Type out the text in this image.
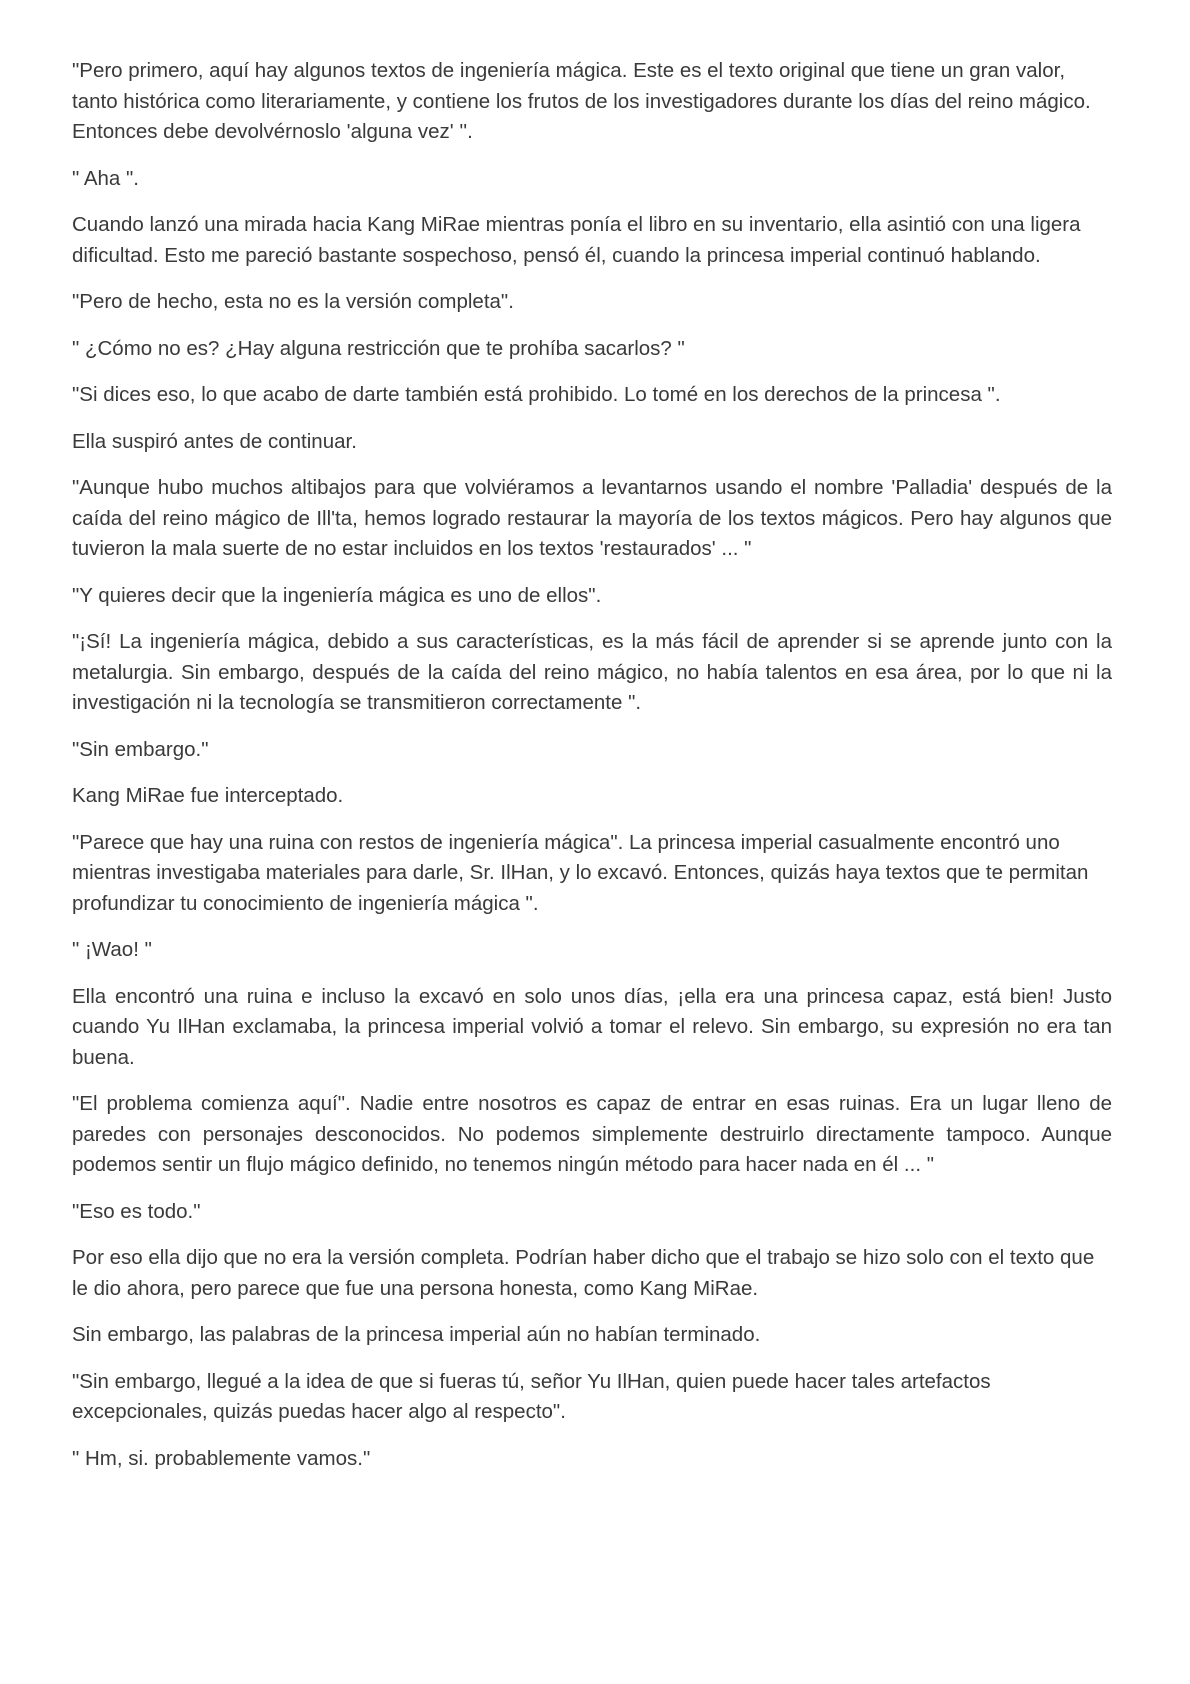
"Pero primero, aquí hay algunos textos de ingeniería mágica. Este es el texto original que tiene un gran valor, tanto histórica como literariamente, y contiene los frutos de los investigadores durante los días del reino mágico. Entonces debe devolvérnoslo 'alguna vez' ''.

" Aha ".

Cuando lanzó una mirada hacia Kang MiRae mientras ponía el libro en su inventario, ella asintió con una ligera dificultad. Esto me pareció bastante sospechoso, pensó él, cuando la princesa imperial continuó hablando.

"Pero de hecho, esta no es la versión completa".

" ¿Cómo no es? ¿Hay alguna restricción que te prohíba sacarlos? "

"Si dices eso, lo que acabo de darte también está prohibido. Lo tomé en los derechos de la princesa ".

Ella suspiró antes de continuar.

"Aunque hubo muchos altibajos para que volviéramos a levantarnos usando el nombre 'Palladia' después de la caída del reino mágico de Ill'ta, hemos logrado restaurar la mayoría de los textos mágicos. Pero hay algunos que tuvieron la mala suerte de no estar incluidos en los textos 'restaurados' ... "

"Y quieres decir que la ingeniería mágica es uno de ellos".

"¡Sí! La ingeniería mágica, debido a sus características, es la más fácil de aprender si se aprende junto con la metalurgia. Sin embargo, después de la caída del reino mágico, no había talentos en esa área, por lo que ni la investigación ni la tecnología se transmitieron correctamente ".

"Sin embargo."

Kang MiRae fue interceptado.

"Parece que hay una ruina con restos de ingeniería mágica". La princesa imperial casualmente encontró uno mientras investigaba materiales para darle, Sr. IlHan, y lo excavó. Entonces, quizás haya textos que te permitan profundizar tu conocimiento de ingeniería mágica ".

" ¡Wao! "

Ella encontró una ruina e incluso la excavó en solo unos días, ¡ella era una princesa capaz, está bien! Justo cuando Yu IlHan exclamaba, la princesa imperial volvió a tomar el relevo. Sin embargo, su expresión no era tan buena.

"El problema comienza aquí". Nadie entre nosotros es capaz de entrar en esas ruinas. Era un lugar lleno de paredes con personajes desconocidos. No podemos simplemente destruirlo directamente tampoco. Aunque podemos sentir un flujo mágico definido, no tenemos ningún método para hacer nada en él ... "

"Eso es todo."

Por eso ella dijo que no era la versión completa. Podrían haber dicho que el trabajo se hizo solo con el texto que le dio ahora, pero parece que fue una persona honesta, como Kang MiRae.

Sin embargo, las palabras de la princesa imperial aún no habían terminado.

"Sin embargo, llegué a la idea de que si fueras tú, señor Yu IlHan, quien puede hacer tales artefactos excepcionales, quizás puedas hacer algo al respecto".

" Hm, si. probablemente vamos."
